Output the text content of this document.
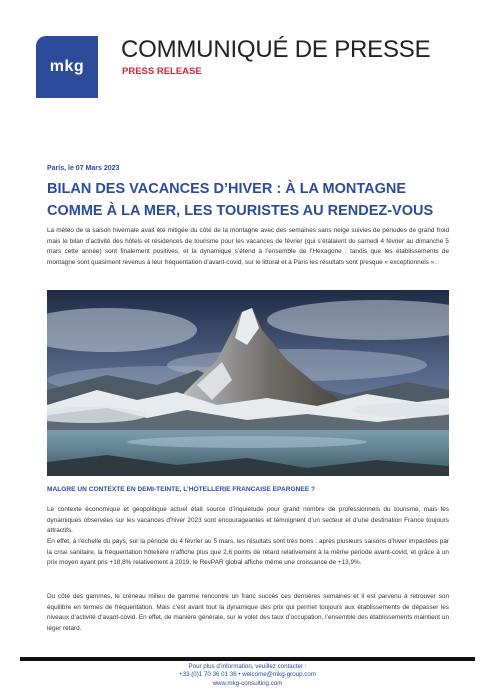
mkg
COMMUNIQUÉ DE PRESSE
PRESS RELEASE
Paris, le 07 Mars 2023
BILAN DES VACANCES D’HIVER : À LA MONTAGNE
COMME À LA MER, LES TOURISTES AU RENDEZ-VOUS

La météo de la saison hivernale avait été mitigée du côté de la montagne avec des semaines sans neige suivies de périodes de grand froid mais le bilan d’activité des hôtels et résidences de tourisme pour les vacances de février (qui s’étalaient du samedi 4 février au dimanche 5 mars cette année) sont finalement positives, et la dynamique s’étend à l’ensemble de l’Hexagone : tandis que les établissements de montagne sont quasiment revenus à leur fréquentation d’avant-covid, sur le littoral et à Paris les résultats sont presque « exceptionnels ».

MALGRE UN CONTEXTE EN DEMI-TEINTE, L’HOTELLERIE FRANCAISE EPARGNEE ?

Le contexte économique et géopolitique actuel était source d’inquiétude pour grand nombre de professionnels du tourisme, mais les dynamiques observées sur les vacances d’hiver 2023 sont encourageantes et témoignent d’un secteur et d’une destination France toujours attractifs.

En effet, à l’échelle du pays, sur la période du 4 février au 5 mars, les résultats sont très bons : après plusieurs saisons d’hiver impactées par la crise sanitaire, la fréquentation hôtelière n’affiche plus que 2,6 points de retard relativement à la même période avant-covid, et grâce à un prix moyen ayant pris +18,8% relativement à 2019, le RevPAR global affiche même une croissance de +13,9%.

Du côté des gammes, le créneau milieu de gamme rencontre un franc succès ces dernières semaines et il est parvenu à retrouver son équilibre en termes de fréquentation. Mais c’est avant tout la dynamique des prix qui permet toujours aux établissements de dépasser les niveaux d’activité d’avant-covid. En effet, de manière générale, sur le volet des taux d’occupation, l’ensemble des établissements maintient un léger retard.

Pour plus d’information, veuillez contacter :
+33 (0)1 70 36 01 36 • welcome@mkg-group.com
www.mkg-consulting.com
